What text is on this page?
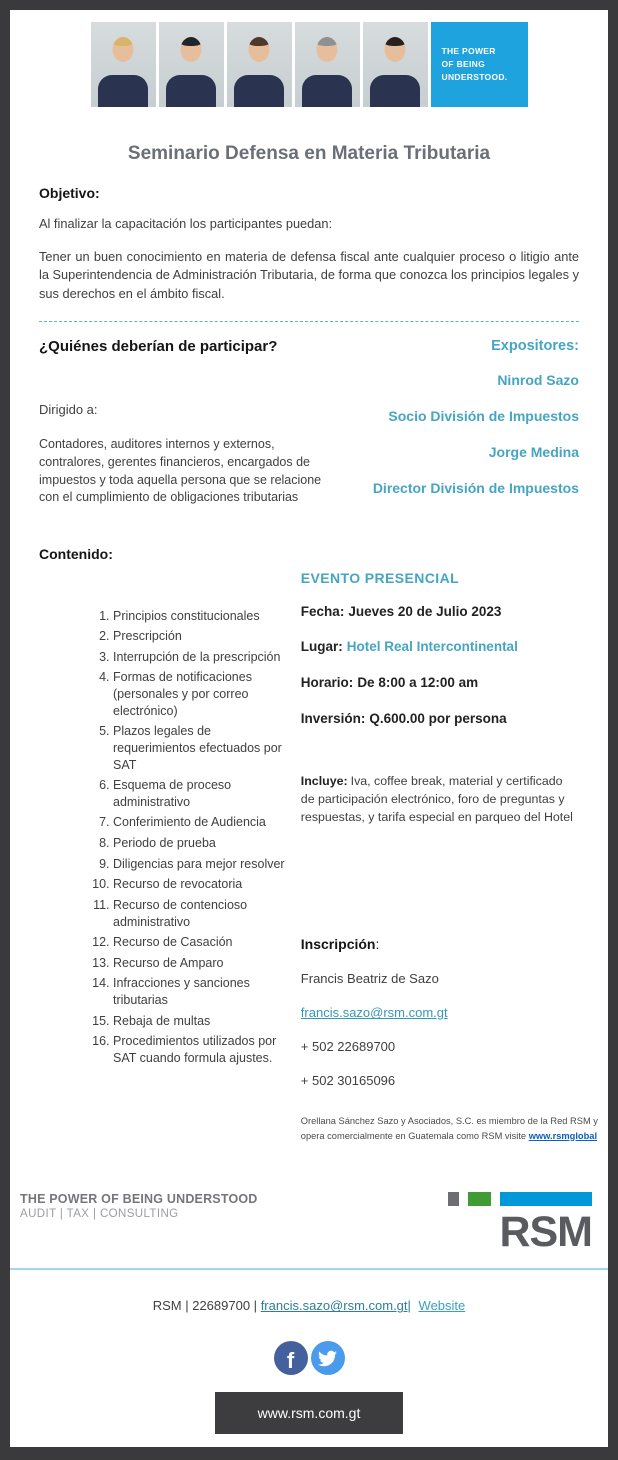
THE POWER OF BEING UNDERSTOOD.
Seminario Defensa en Materia Tributaria

Objetivo:

Al finalizar la capacitación los participantes puedan:

Tener un buen conocimiento en materia de defensa fiscal ante cualquier proceso o litigio ante la Superintendencia de Administración Tributaria, de forma que conozca los principios legales y sus derechos en el ámbito fiscal.

¿Quiénes deberían de participar?

Dirigido a:

Contadores, auditores internos y externos, contralores, gerentes financieros, encargados de impuestos y toda aquella persona que se relacione con el cumplimiento de obligaciones tributarias

Expositores:

Ninrod Sazo

Socio División de Impuestos

Jorge Medina

Director División de Impuestos

Contenido:

1. Principios constitucionales
2. Prescripción
3. Interrupción de la prescripción
4. Formas de notificaciones (personales y por correo electrónico)
5. Plazos legales de requerimientos efectuados por SAT
6. Esquema de proceso administrativo
7. Conferimiento de Audiencia
8. Periodo de prueba
9. Diligencias para mejor resolver
10. Recurso de revocatoria
11. Recurso de contencioso administrativo
12. Recurso de Casación
13. Recurso de Amparo
14. Infracciones y sanciones tributarias
15. Rebaja de multas
16. Procedimientos utilizados por SAT cuando formula ajustes.

EVENTO PRESENCIAL

Fecha: Jueves 20 de Julio 2023

Lugar: Hotel Real Intercontinental

Horario: De 8:00 a 12:00 am

Inversión: Q.600.00 por persona

Incluye: Iva, coffee break, material y certificado de participación electrónico, foro de preguntas y respuestas, y tarifa especial en parqueo del Hotel

Inscripción:

Francis Beatriz de Sazo

francis.sazo@rsm.com.gt

+ 502 22689700

+ 502 30165096

Orellana Sánchez Sazo y Asociados, S.C. es miembro de la Red RSM y opera comercialmente en Guatemala como RSM visite www.rsmglobal

THE POWER OF BEING UNDERSTOOD
AUDIT | TAX | CONSULTING	RSM
RSM | 22689700 | francis.sazo@rsm.com.gt| Website
f
www.rsm.com.gt
